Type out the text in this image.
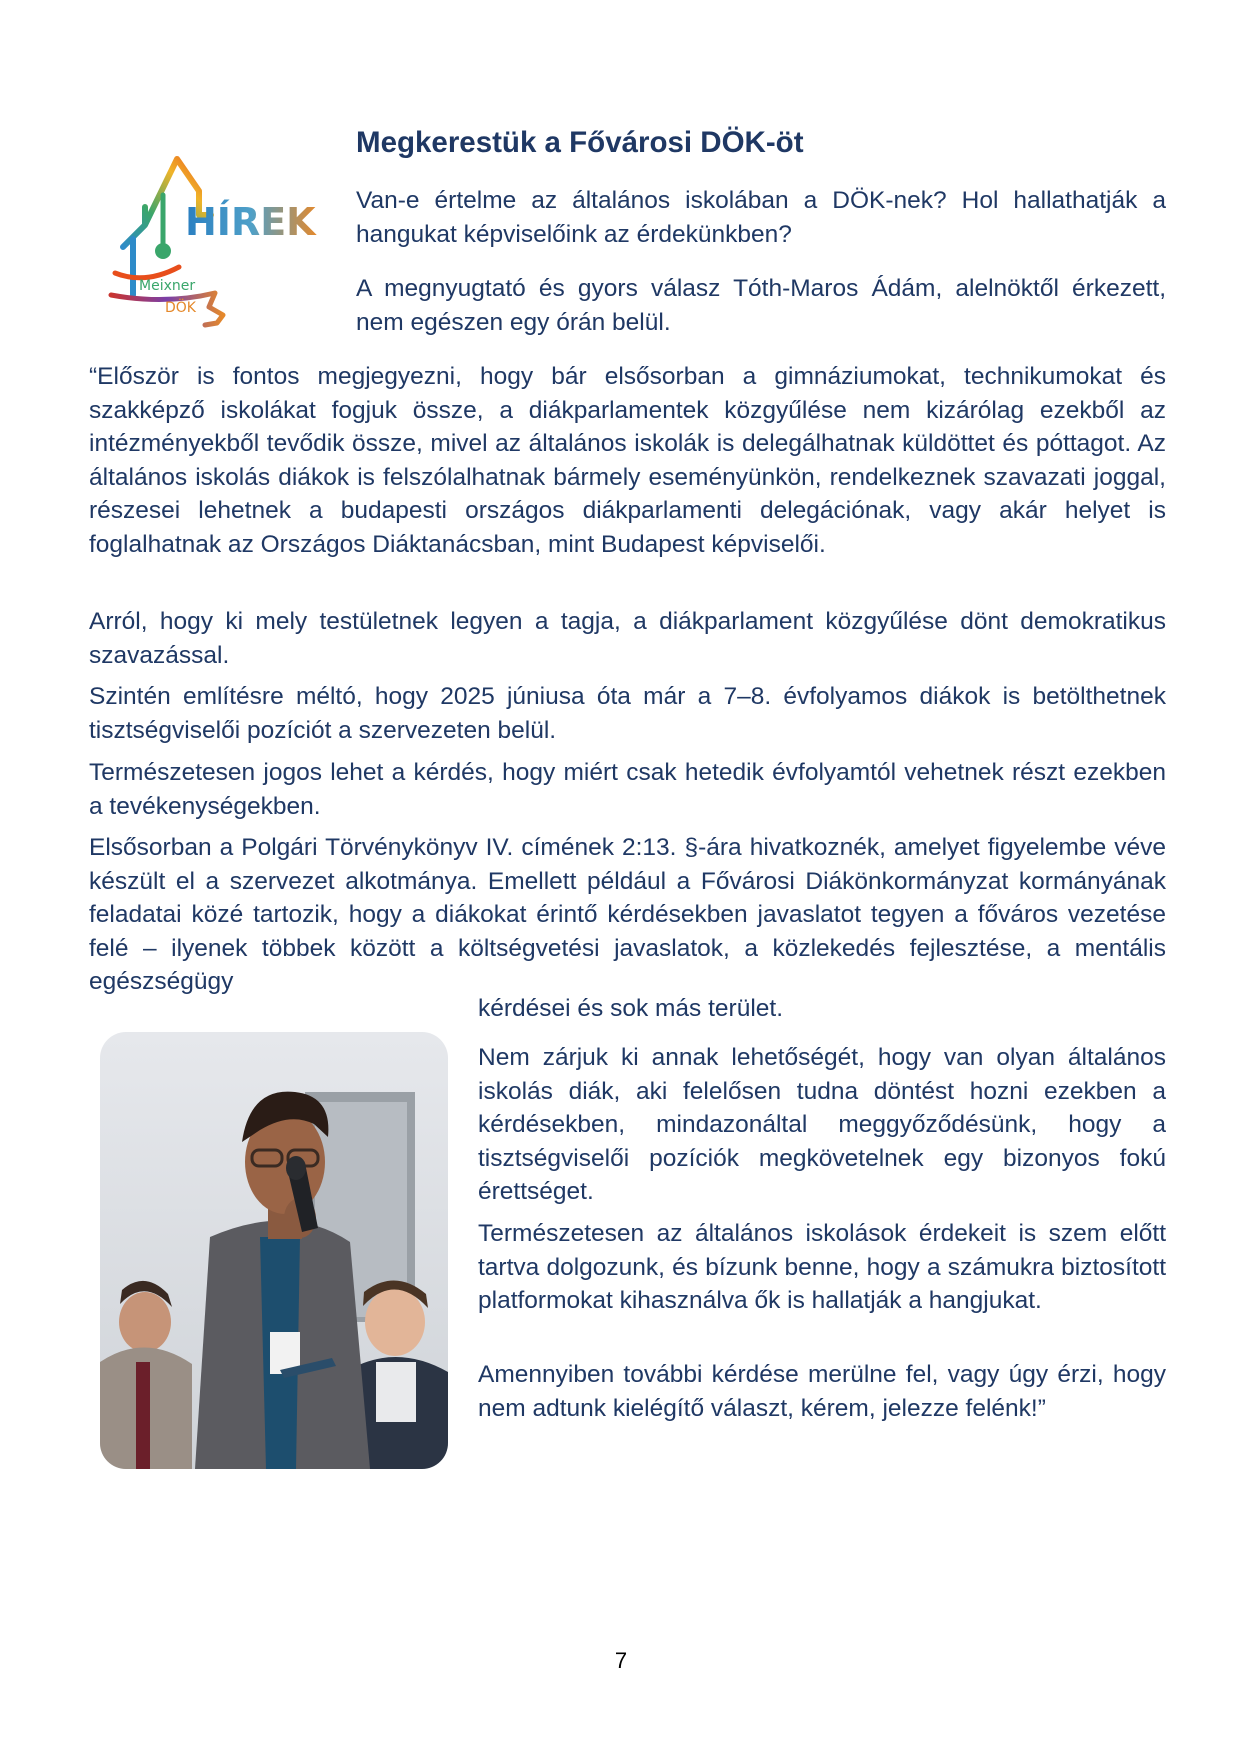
HÍREK
Meixner
DÖK
Megkerestük a Fővárosi DÖK-öt

Van-e értelme az általános iskolában a DÖK-nek? Hol hallathatják a hangukat képviselőink az érdekünkben?

A megnyugtató és gyors válasz Tóth-Maros Ádám, alelnöktől érkezett, nem egészen egy órán belül.

“Először is fontos megjegyezni, hogy bár elsősorban a gimnáziumokat, technikumokat és szakképző iskolákat fogjuk össze, a diákparlamentek közgyűlése nem kizárólag ezekből az intézményekből tevődik össze, mivel az általános iskolák is delegálhatnak küldöttet és póttagot. Az általános iskolás diákok is felszólalhatnak bármely eseményünkön, rendelkeznek szavazati joggal, részesei lehetnek a budapesti országos diákparlamenti delegációnak, vagy akár helyet is foglalhatnak az Országos Diáktanácsban, mint Budapest képviselői.

Arról, hogy ki mely testületnek legyen a tagja, a diákparlament közgyűlése dönt demokratikus szavazással.

Szintén említésre méltó, hogy 2025 júniusa óta már a 7–8. évfolyamos diákok is betölthetnek tisztségviselői pozíciót a szervezeten belül.

Természetesen jogos lehet a kérdés, hogy miért csak hetedik évfolyamtól vehetnek részt ezekben a tevékenységekben.

Elsősorban a Polgári Törvénykönyv IV. címének 2:13. §-ára hivatkoznék, amelyet figyelembe véve készült el a szervezet alkotmánya. Emellett például a Fővárosi Diákönkormányzat kormányának feladatai közé tartozik, hogy a diákokat érintő kérdésekben javaslatot tegyen a főváros vezetése felé – ilyenek többek között a költségvetési javaslatok, a közlekedés fejlesztése, a mentális egészségügy

kérdései és sok más terület.

Nem zárjuk ki annak lehetőségét, hogy van olyan általános iskolás diák, aki felelősen tudna döntést hozni ezekben a kérdésekben, mindazonáltal meggyőződésünk, hogy a tisztségviselői pozíciók megkövetelnek egy bizonyos fokú érettséget.

Természetesen az általános iskolások érdekeit is szem előtt tartva dolgozunk, és bízunk benne, hogy a számukra biztosított platformokat kihasználva ők is hallatják a hangjukat.

Amennyiben további kérdése merülne fel, vagy úgy érzi, hogy nem adtunk kielégítő választ, kérem, jelezze felénk!”

7
